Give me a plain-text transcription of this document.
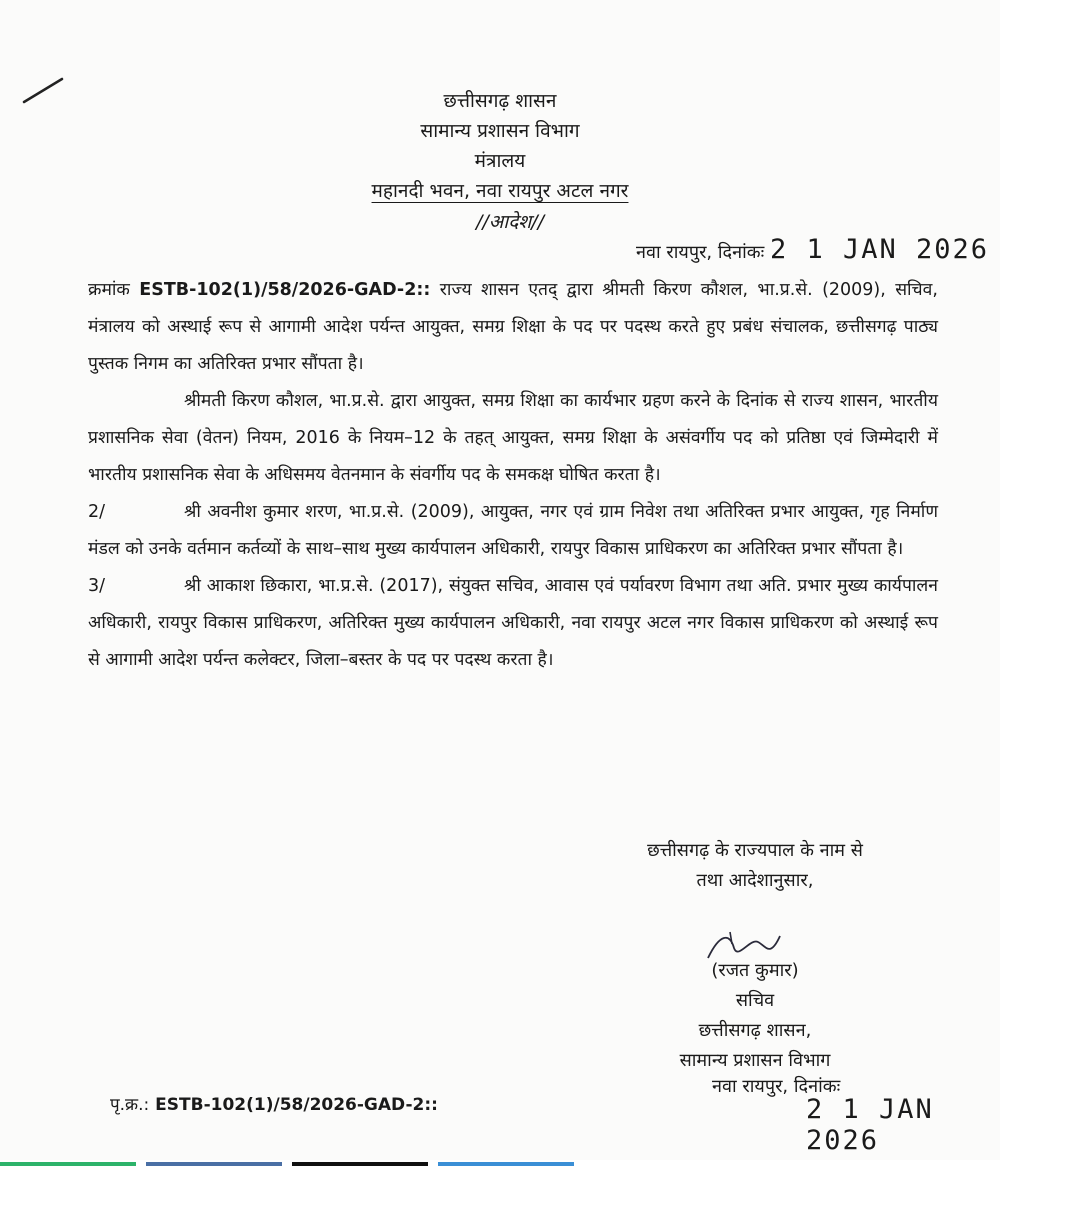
छत्तीसगढ़ शासन
सामान्य प्रशासन विभाग
मंत्रालय
महानदी भवन, नवा रायपुर अटल नगर
//आदेश//
नवा रायपुर, दिनांकः 2 1 JAN 2026

क्रमांक ESTB-102(1)/58/2026-GAD-2:: राज्य शासन एतद् द्वारा श्रीमती किरण कौशल, भा.प्र.से. (2009), सचिव, मंत्रालय को अस्थाई रूप से आगामी आदेश पर्यन्त आयुक्त, समग्र शिक्षा के पद पर पदस्थ करते हुए प्रबंध संचालक, छत्तीसगढ़ पाठ्य पुस्तक निगम का अतिरिक्त प्रभार सौंपता है।

श्रीमती किरण कौशल, भा.प्र.से. द्वारा आयुक्त, समग्र शिक्षा का कार्यभार ग्रहण करने के दिनांक से राज्य शासन, भारतीय प्रशासनिक सेवा (वेतन) नियम, 2016 के नियम–12 के तहत् आयुक्त, समग्र शिक्षा के असंवर्गीय पद को प्रतिष्ठा एवं जिम्मेदारी में भारतीय प्रशासनिक सेवा के अधिसमय वेतनमान के संवर्गीय पद के समकक्ष घोषित करता है।

2/	श्री अवनीश कुमार शरण, भा.प्र.से. (2009), आयुक्त, नगर एवं ग्राम निवेश तथा अतिरिक्त प्रभार आयुक्त, गृह निर्माण मंडल को उनके वर्तमान कर्तव्यों के साथ–साथ मुख्य कार्यपालन अधिकारी, रायपुर विकास प्राधिकरण का अतिरिक्त प्रभार सौंपता है।

3/	श्री आकाश छिकारा, भा.प्र.से. (2017), संयुक्त सचिव, आवास एवं पर्यावरण विभाग तथा अति. प्रभार मुख्य कार्यपालन अधिकारी, रायपुर विकास प्राधिकरण, अतिरिक्त मुख्य कार्यपालन अधिकारी, नवा रायपुर अटल नगर विकास प्राधिकरण को अस्थाई रूप से आगामी आदेश पर्यन्त कलेक्टर, जिला–बस्तर के पद पर पदस्थ करता है।

छत्तीसगढ़ के राज्यपाल के नाम से
तथा आदेशानुसार,
(रजत कुमार)
सचिव
छत्तीसगढ़ शासन,
सामान्य प्रशासन विभाग
पृ.क्र.: ESTB-102(1)/58/2026-GAD-2::
नवा रायपुर, दिनांकः
2 1 JAN 2026
